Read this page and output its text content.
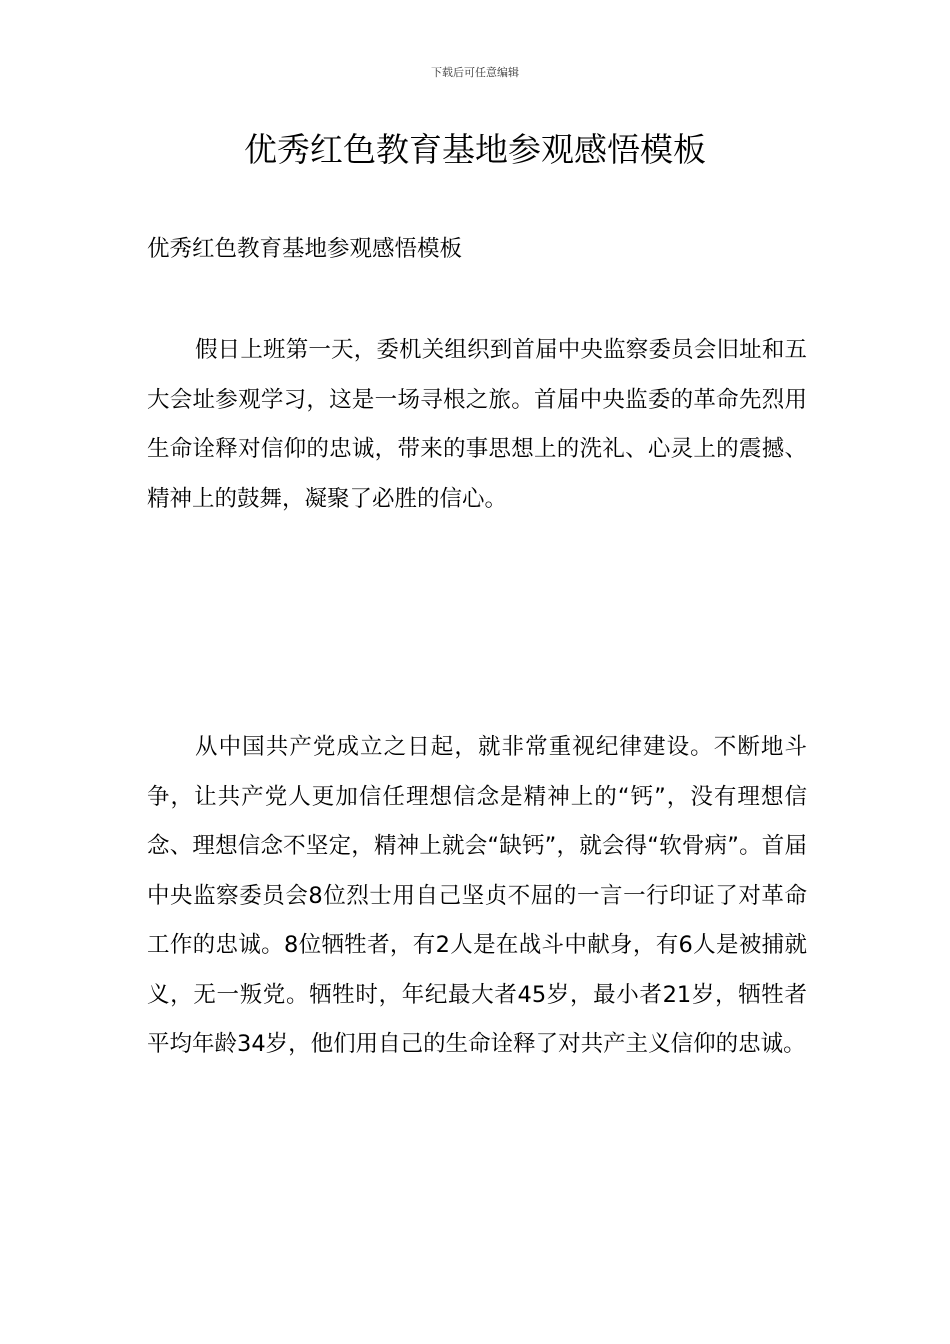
下载后可任意编辑
优秀红色教育基地参观感悟模板
优秀红色教育基地参观感悟模板

假日上班第一天，委机关组织到首届中央监察委员会旧址和五大会址参观学习，这是一场寻根之旅。首届中央监委的革命先烈用生命诠释对信仰的忠诚，带来的事思想上的洗礼、心灵上的震撼、精神上的鼓舞，凝聚了必胜的信心。

从中国共产党成立之日起，就非常重视纪律建设。不断地斗争，让共产党人更加信任理想信念是精神上的“钙”，没有理想信念、理想信念不坚定，精神上就会“缺钙”，就会得“软骨病”。首届中央监察委员会8位烈士用自己坚贞不屈的一言一行印证了对革命工作的忠诚。8位牺牲者，有2人是在战斗中献身，有6人是被捕就义，无一叛党。牺牲时，年纪最大者45岁，最小者21岁，牺牲者平均年龄34岁，他们用自己的生命诠释了对共产主义信仰的忠诚。
